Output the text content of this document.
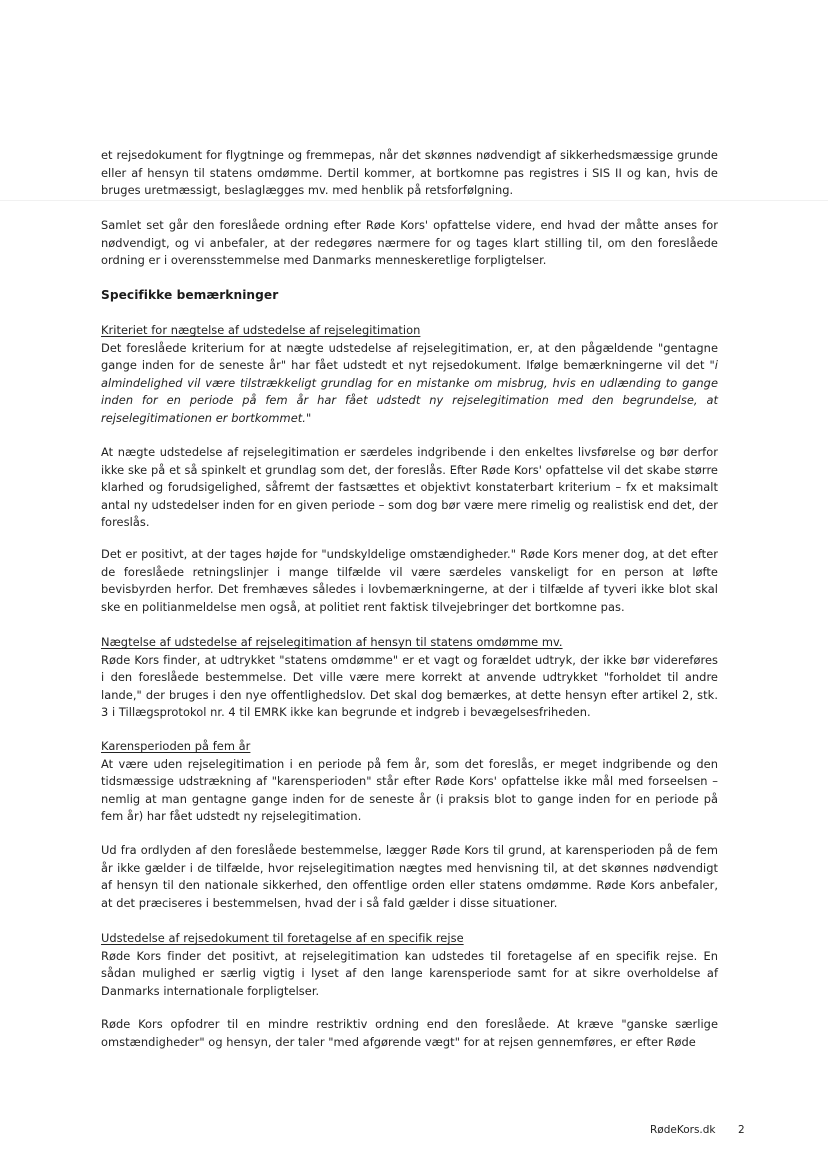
et rejsedokument for flygtninge og fremmepas, når det skønnes nødvendigt af sikkerhedsmæssige grunde eller af hensyn til statens omdømme. Dertil kommer, at bortkomne pas registres i SIS II og kan, hvis de bruges uretmæssigt, beslaglægges mv. med henblik på retsforfølgning.

Samlet set går den foreslåede ordning efter Røde Kors' opfattelse videre, end hvad der måtte anses for nødvendigt, og vi anbefaler, at der redegøres nærmere for og tages klart stilling til, om den foreslåede ordning er i overensstemmelse med Danmarks menneskeretlige forpligtelser.

Specifikke bemærkninger

Kriteriet for nægtelse af udstedelse af rejselegitimation
Det foreslåede kriterium for at nægte udstedelse af rejselegitimation, er, at den pågældende "gentagne gange inden for de seneste år" har fået udstedt et nyt rejsedokument. Ifølge bemærkningerne vil det "i almindelighed vil være tilstrækkeligt grundlag for en mistanke om misbrug, hvis en udlænding to gange inden for en periode på fem år har fået udstedt ny rejselegitimation med den begrundelse, at rejselegitimationen er bortkommet."

At nægte udstedelse af rejselegitimation er særdeles indgribende i den enkeltes livsførelse og bør derfor ikke ske på et så spinkelt et grundlag som det, der foreslås. Efter Røde Kors' opfattelse vil det skabe større klarhed og forudsigelighed, såfremt der fastsættes et objektivt konstaterbart kriterium – fx et maksimalt antal ny udstedelser inden for en given periode – som dog bør være mere rimelig og realistisk end det, der foreslås.

Det er positivt, at der tages højde for "undskyldelige omstændigheder." Røde Kors mener dog, at det efter de foreslåede retningslinjer i mange tilfælde vil være særdeles vanskeligt for en person at løfte bevisbyrden herfor. Det fremhæves således i lovbemærkningerne, at der i tilfælde af tyveri ikke blot skal ske en politianmeldelse men også, at politiet rent faktisk tilvejebringer det bortkomne pas.

Nægtelse af udstedelse af rejselegitimation af hensyn til statens omdømme mv.
Røde Kors finder, at udtrykket "statens omdømme" er et vagt og forældet udtryk, der ikke bør videreføres i den foreslåede bestemmelse. Det ville være mere korrekt at anvende udtrykket "forholdet til andre lande," der bruges i den nye offentlighedslov. Det skal dog bemærkes, at dette hensyn efter artikel 2, stk. 3 i Tillægsprotokol nr. 4 til EMRK ikke kan begrunde et indgreb i bevægelsesfriheden.

Karensperioden på fem år
At være uden rejselegitimation i en periode på fem år, som det foreslås, er meget indgribende og den tidsmæssige udstrækning af "karensperioden" står efter Røde Kors' opfattelse ikke mål med forseelsen – nemlig at man gentagne gange inden for de seneste år (i praksis blot to gange inden for en periode på fem år) har fået udstedt ny rejselegitimation.

Ud fra ordlyden af den foreslåede bestemmelse, lægger Røde Kors til grund, at karensperioden på de fem år ikke gælder i de tilfælde, hvor rejselegitimation nægtes med henvisning til, at det skønnes nødvendigt af hensyn til den nationale sikkerhed, den offentlige orden eller statens omdømme. Røde Kors anbefaler, at det præciseres i bestemmelsen, hvad der i så fald gælder i disse situationer.

Udstedelse af rejsedokument til foretagelse af en specifik rejse
Røde Kors finder det positivt, at rejselegitimation kan udstedes til foretagelse af en specifik rejse. En sådan mulighed er særlig vigtig i lyset af den lange karensperiode samt for at sikre overholdelse af Danmarks internationale forpligtelser.

Røde Kors opfodrer til en mindre restriktiv ordning end den foreslåede. At kræve "ganske særlige omstændigheder" og hensyn, der taler "med afgørende vægt" for at rejsen gennemføres, er efter Røde

RødeKors.dk 2
